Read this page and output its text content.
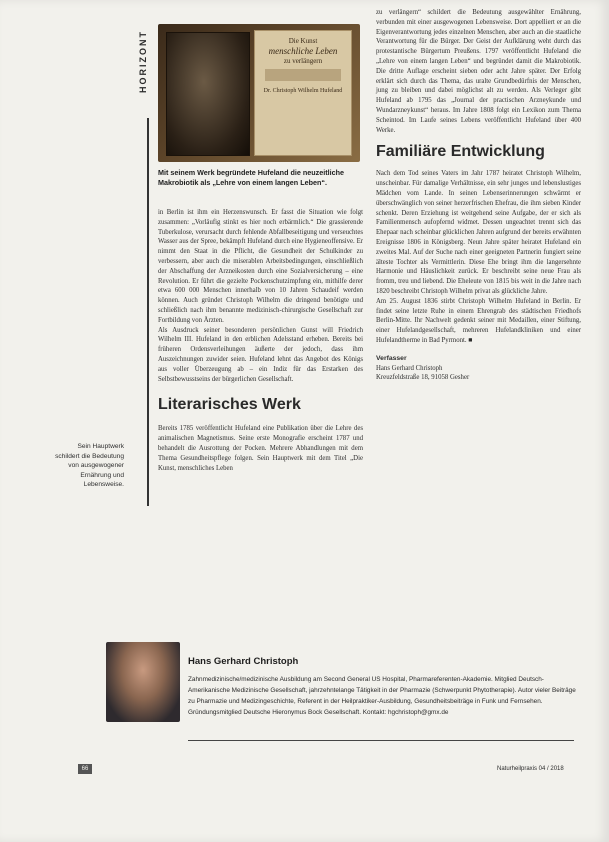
HORIZONT	Die Kunst
menschliche Leben
zu verlängern
Dr. Christoph Wilhelm Hufeland
Mit seinem Werk begründete Hufeland die neuzeitliche Makrobiotik als „Lehre von einem langen Leben“.

in Berlin ist ihm ein Herzenswunsch. Er fasst die Situation wie folgt zusammen: „Vorläufig stinkt es hier noch erbärmlich.“ Die grassierende Tuberkulose, verursacht durch fehlende Abfallbeseitigung und verseuchtes Wasser aus der Spree, bekämpft Hufeland durch eine Hygieneoffensive. Er nimmt den Staat in die Pflicht, die Gesundheit der Schulkinder zu verbessern, aber auch die miserablen Arbeitsbedingungen, einschließlich der Abschaffung der Arzneikosten durch eine Sozialversicherung – eine Revolution. Er führt die gezielte Pockenschutzimpfung ein, mithilfe derer etwa 600 000 Menschen innerhalb von 10 Jahren Schaudeif werden können. Auch gründet Christoph Wilhelm die dringend benötigte und schließlich nach ihm benannte medizinisch-chirurgische Gesellschaft zur Fortbildung von Ärzten.

Als Ausdruck seiner besonderen persönlichen Gunst will Friedrich Wilhelm III. Hufeland in den erblichen Adelsstand erheben. Bereits bei früheren Ordensverleihungen äußerte der jedoch, dass ihm Auszeichnungen zuwider seien. Hufeland lehnt das Angebot des Königs aus voller Überzeugung ab – ein Indiz für das Erstarken des Selbstbewusstseins der bürgerlichen Gesellschaft.

Literarisches Werk

Bereits 1785 veröffentlicht Hufeland eine Publikation über die Lehre des animalischen Magnetismus. Seine erste Monografie erscheint 1787 und behandelt die Ausrottung der Pocken. Mehrere Abhandlungen mit dem Thema Gesundheitspflege folgen. Sein Hauptwerk mit dem Titel „Die Kunst, menschliches Leben

Sein Hauptwerk schildert die Bedeutung von ausgewogener Ernährung und Lebensweise.

zu verlängern“ schildert die Bedeutung ausgewählter Ernährung, verbunden mit einer ausgewogenen Lebensweise. Dort appelliert er an die Eigenverantwortung jedes einzelnen Menschen, aber auch an die staatliche Verantwortung für die Bürger. Der Geist der Aufklärung weht durch das protestantische Bürgertum Preußens. 1797 veröffentlicht Hufeland die „Lehre von einem langen Leben“ und begründet damit die Makrobiotik. Die dritte Auflage erscheint sieben oder acht Jahre später. Der Erfolg erklärt sich durch das Thema, das uralte Grundbedürfnis der Menschen, jung zu bleiben und dabei möglichst alt zu werden. Als Verleger gibt Hufeland ab 1795 das „Journal der practischen Arzneykunde und Wundarzneykunst“ heraus. Im Jahre 1808 folgt ein Lexikon zum Thema Scheintod. Im Laufe seines Lebens veröffentlicht Hufeland über 400 Werke.

Familiäre Entwicklung

Nach dem Tod seines Vaters im Jahr 1787 heiratet Christoph Wilhelm, unscheinbar. Für damalige Verhältnisse, ein sehr junges und lebenslustiges Mädchen vom Lande. In seinen Lebenserinnerungen schwärmt er überschwänglich von seiner herzerfrischen Ehefrau, die ihm sieben Kinder schenkt. Deren Erziehung ist weitgehend seine Aufgabe, der er sich als Familienmensch aufopfernd widmet. Dessen ungeachtet trennt sich das Ehepaar nach scheinbar glücklichen Jahren aufgrund der bereits erwähnten Ereignisse 1806 in Königsberg. Neun Jahre später heiratet Hufeland ein zweites Mal. Auf der Suche nach einer geeigneten Partnerin fungiert seine älteste Tochter als Vermittlerin. Diese Ehe bringt ihm die langersehnte Harmonie und Häuslichkeit zurück. Er beschreibt seine neue Frau als fromm, treu und liebend. Die Eheleute von 1815 bis weit in die Jahre nach 1820 beschreibt Christoph Wilhelm privat als glückliche Jahre.

Am 25. August 1836 stirbt Christoph Wilhelm Hufeland in Berlin. Er findet seine letzte Ruhe in einem Ehrengrab des städtischen Friedhofs Berlin-Mitte. Ihr Nachwelt gedenkt seiner mit Medaillen, einer Stiftung, einer Hufelandgesellschaft, mehreren Hufelandkliniken und einer Hufelandtherme in Bad Pyrmont. ■

Verfasser
Hans Gerhard Christoph
Kreuzfeldstraße 18, 91058 Gesher
Hans Gerhard Christoph
Zahnmedizinische/medizinische Ausbildung am Second General US Hospital, Pharmareferenten-Akademie. Mitglied Deutsch-Amerikanische Medizinische Gesellschaft, jahrzehntelange Tätigkeit in der Pharmazie (Schwerpunkt Phytotherapie). Autor vieler Beiträge zu Pharmazie und Medizingeschichte, Referent in der Heilpraktiker-Ausbildung, Gesundheitsbeiträge in Funk und Fernsehen. Gründungsmitglied Deutsche Hieronymus Bock Gesellschaft. Kontakt: hgchristoph@gmx.de
66	Naturheilpraxis 04 / 2018
